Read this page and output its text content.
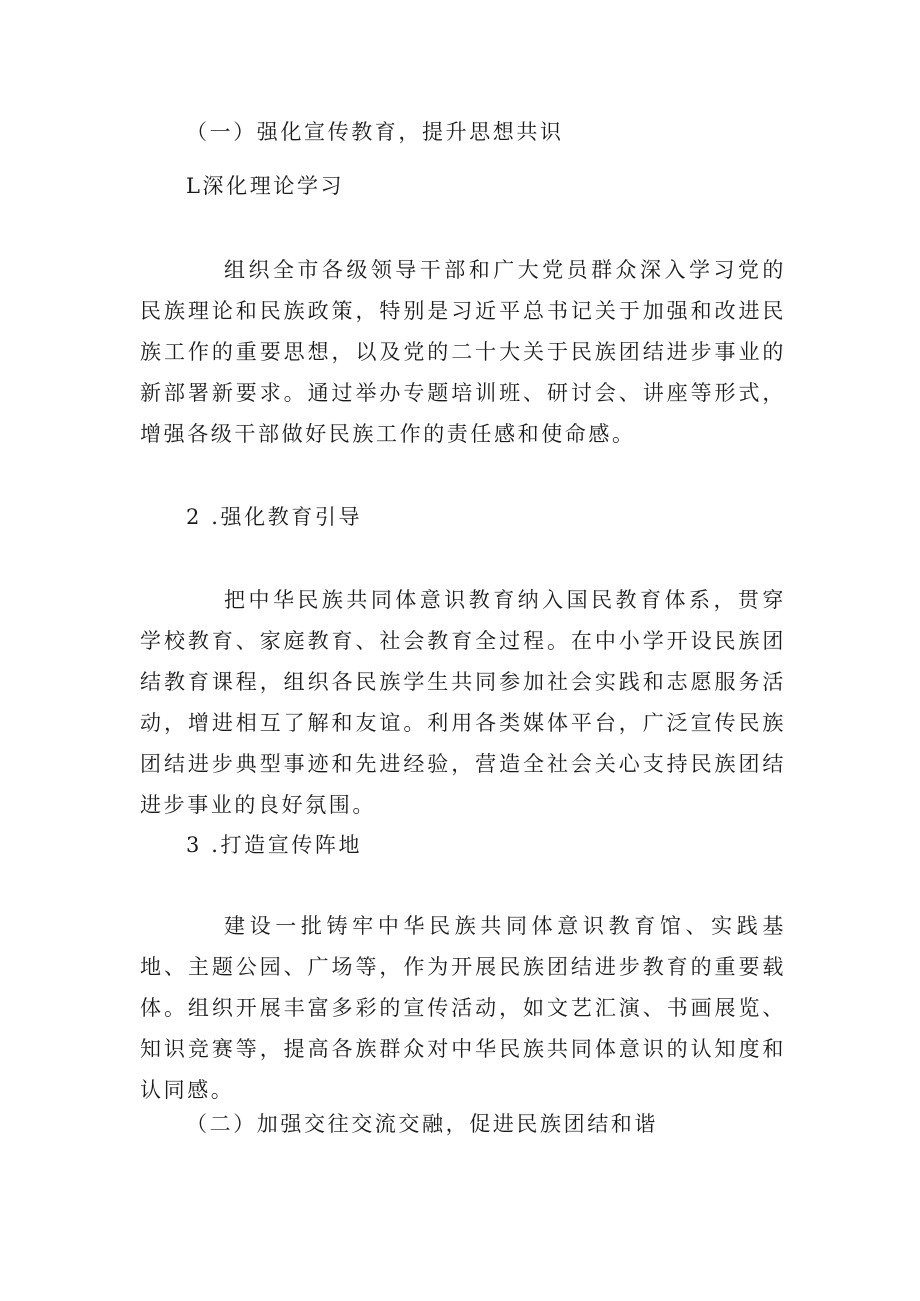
（一）强化宣传教育，提升思想共识
L深化理论学习

组织全市各级领导干部和广大党员群众深入学习党的民族理论和民族政策，特别是习近平总书记关于加强和改进民族工作的重要思想，以及党的二十大关于民族团结进步事业的新部署新要求。通过举办专题培训班、研讨会、讲座等形式，增强各级干部做好民族工作的责任感和使命感。

2 .强化教育引导

把中华民族共同体意识教育纳入国民教育体系，贯穿学校教育、家庭教育、社会教育全过程。在中小学开设民族团结教育课程，组织各民族学生共同参加社会实践和志愿服务活动，增进相互了解和友谊。利用各类媒体平台，广泛宣传民族团结进步典型事迹和先进经验，营造全社会关心支持民族团结进步事业的良好氛围。

3 .打造宣传阵地

建设一批铸牢中华民族共同体意识教育馆、实践基地、主题公园、广场等，作为开展民族团结进步教育的重要载体。组织开展丰富多彩的宣传活动，如文艺汇演、书画展览、知识竞赛等，提高各族群众对中华民族共同体意识的认知度和认同感。

（二）加强交往交流交融，促进民族团结和谐
